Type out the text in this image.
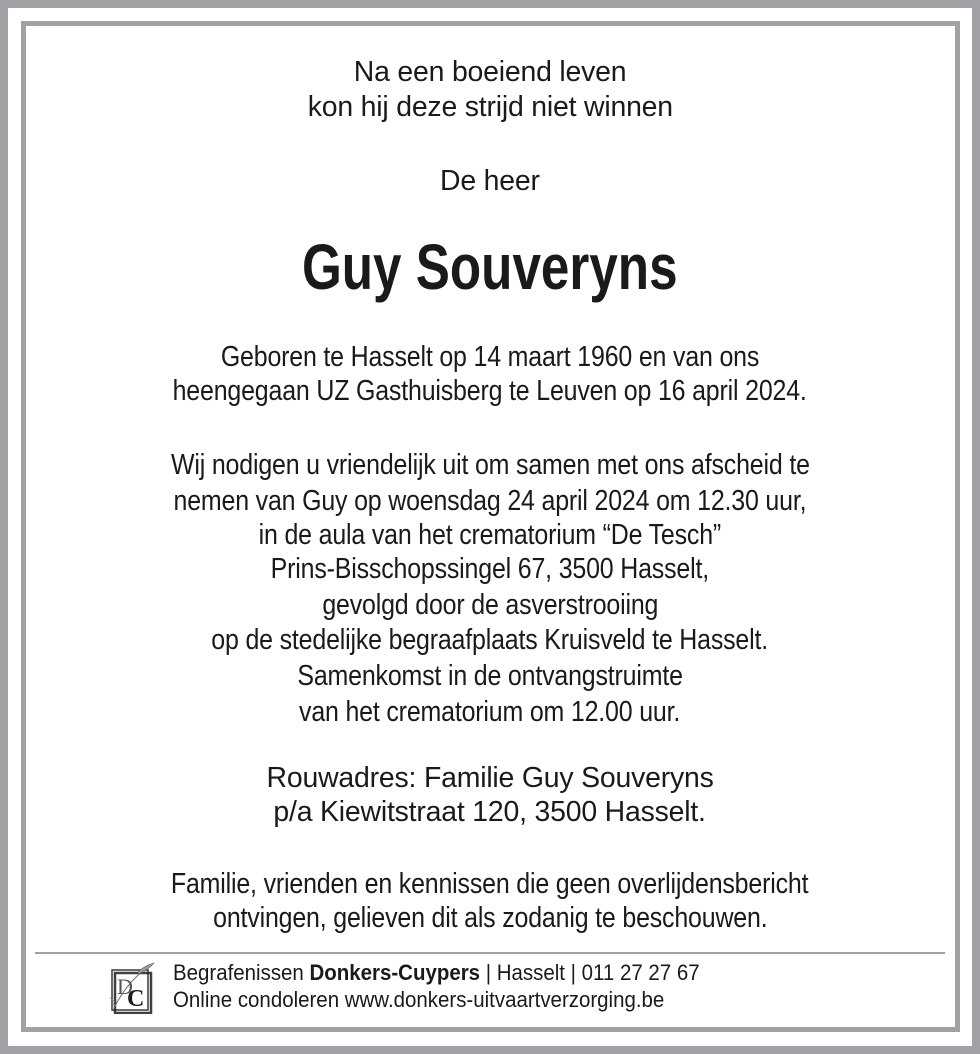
Na een boeiend leven
kon hij deze strijd niet winnen
De heer
Guy Souveryns
Geboren te Hasselt op 14 maart 1960 en van ons
heengegaan UZ Gasthuisberg te Leuven op 16 april 2024.
Wij nodigen u vriendelijk uit om samen met ons afscheid te
nemen van Guy op woensdag 24 april 2024 om 12.30 uur,
in de aula van het crematorium “De Tesch”
Prins-Bisschopssingel 67, 3500 Hasselt,
gevolgd door de asverstrooiing
op de stedelijke begraafplaats Kruisveld te Hasselt.
Samenkomst in de ontvangstruimte
van het crematorium om 12.00 uur.
Rouwadres: Familie Guy Souveryns
p/a Kiewitstraat 120, 3500 Hasselt.
Familie, vrienden en kennissen die geen overlijdensbericht
ontvingen, gelieven dit als zodanig te beschouwen.
D
C
Begrafenissen Donkers-Cuypers | Hasselt | 011 27 27 67
Online condoleren www.donkers-uitvaartverzorging.be
